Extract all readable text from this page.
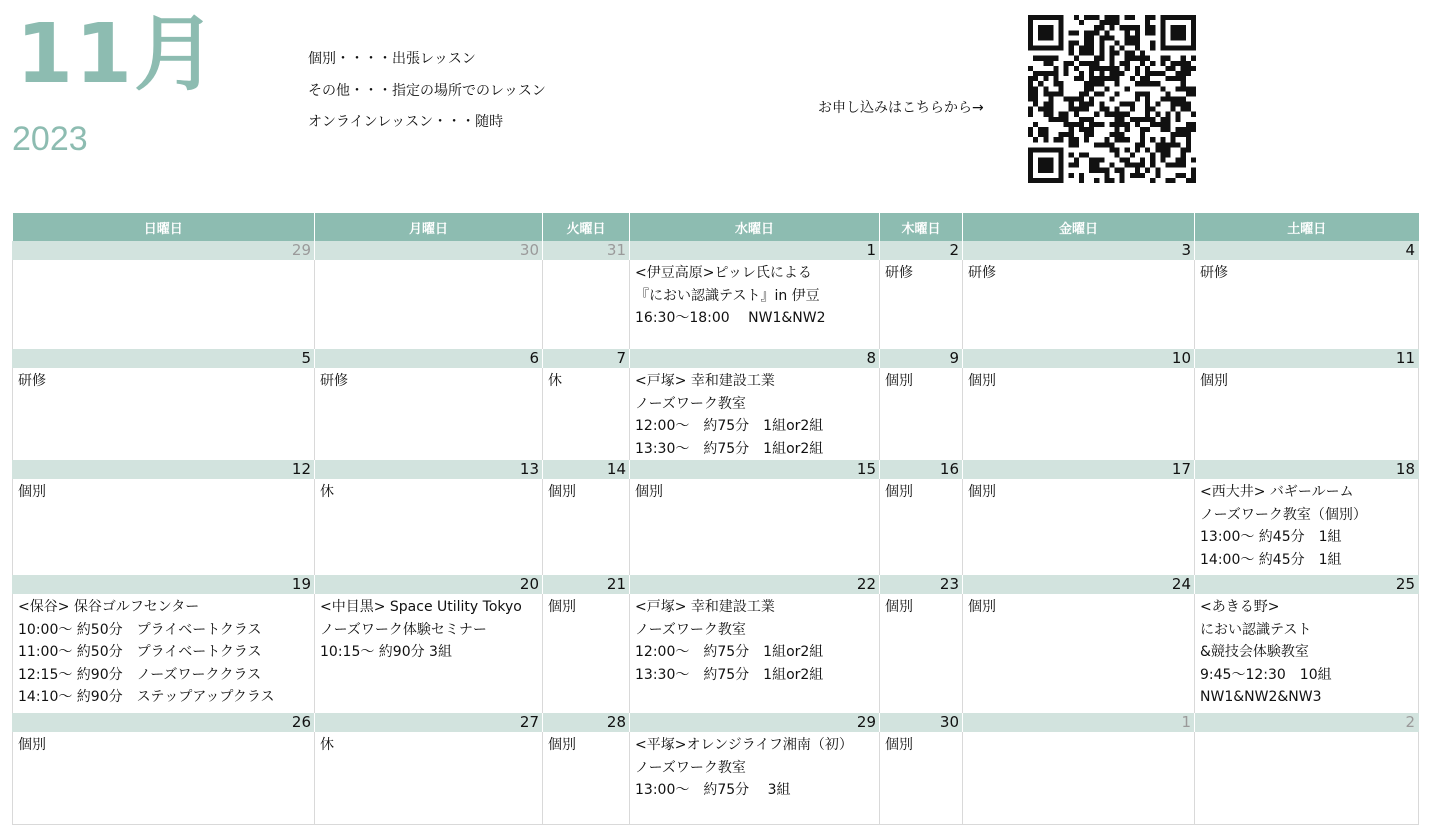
11月
2023
個別・・・・出張レッスン
その他・・・指定の場所でのレッスン
オンラインレッスン・・・随時
お申し込みはこちらから→
日曜日	月曜日	火曜日	水曜日	木曜日	金曜日	土曜日
29	30	31	1	2	3	4

			<伊豆高原>ピッレ氏による
『におい認識テスト』in 伊豆
16:30〜18:00　 NW1&NW2	研修	研修	研修

5	6	7	8	9	10	11

研修	研修	休	<戸塚> 幸和建設工業
ノーズワーク教室
12:00〜　約75分　1組or2組
13:30〜　約75分　1組or2組	個別	個別	個別

12	13	14	15	16	17	18

個別	休	個別	個別	個別	個別	<西大井> バギールーム
ノーズワーク教室（個別）
13:00〜 約45分　1組
14:00〜 約45分　1組

19	20	21	22	23	24	25

<保谷> 保谷ゴルフセンター
10:00〜 約50分　プライベートクラス
11:00〜 約50分　プライベートクラス
12:15〜 約90分　ノーズワーククラス
14:10〜 約90分　ステップアップクラス	<中目黒> Space Utility Tokyo
ノーズワーク体験セミナー
10:15〜 約90分 3組	個別	<戸塚> 幸和建設工業
ノーズワーク教室
12:00〜　約75分　1組or2組
13:30〜　約75分　1組or2組	個別	個別	<あきる野>
におい認識テスト
&競技会体験教室
9:45〜12:30　10組
NW1&NW2&NW3

26	27	28	29	30	1	2

個別	休	個別	<平塚>オレンジライフ湘南（初）
ノーズワーク教室
13:00〜　約75分　 3組	個別		
